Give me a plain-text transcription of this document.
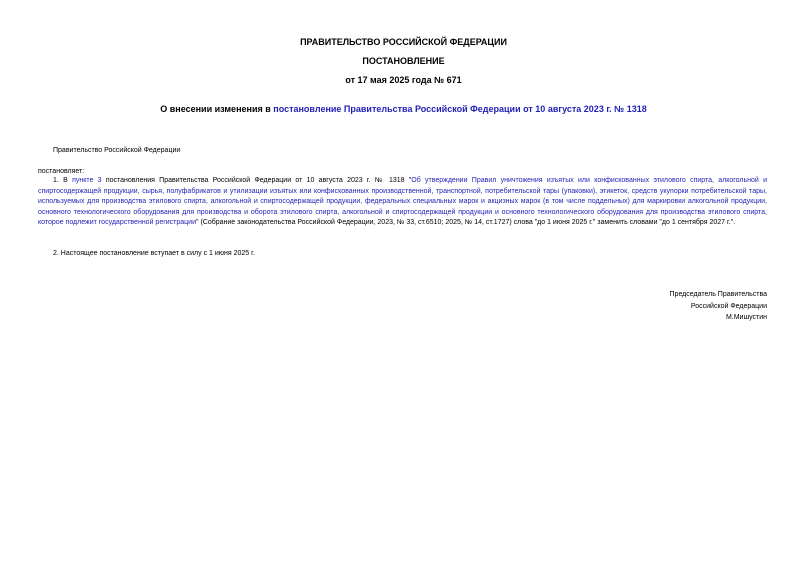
ПРАВИТЕЛЬСТВО РОССИЙСКОЙ ФЕДЕРАЦИИ
ПОСТАНОВЛЕНИЕ
от 17 мая 2025 года № 671
О внесении изменения в постановление Правительства Российской Федерации от 10 августа 2023 г. № 1318
Правительство Российской Федерации
постановляет:
1. В пункте 3 постановления Правительства Российской Федерации от 10 августа 2023 г. № 1318 "Об утверждении Правил уничтожения изъятых или конфискованных этилового спирта, алкогольной и спиртосодержащей продукции, сырья, полуфабрикатов и утилизации изъятых или конфискованных производственной, транспортной, потребительской тары (упаковки), этикеток, средств укупорки потребительской тары, используемых для производства этилового спирта, алкогольной и спиртосодержащей продукции, федеральных специальных марок и акцизных марок (в том числе поддельных) для маркировки алкогольной продукции, основного технологического оборудования для производства и оборота этилового спирта, алкогольной и спиртосодержащей продукции и основного технологического оборудования для производства этилового спирта, которое подлежит государственной регистрации" (Собрание законодательства Российской Федерации, 2023, № 33, ст.6510; 2025, № 14, ст.1727) слова "до 1 июня 2025 г." заменить словами "до 1 сентября 2027 г.".
2. Настоящее постановление вступает в силу с 1 июня 2025 г.
Председатель Правительства
Российской Федерации
М.Мишустин
